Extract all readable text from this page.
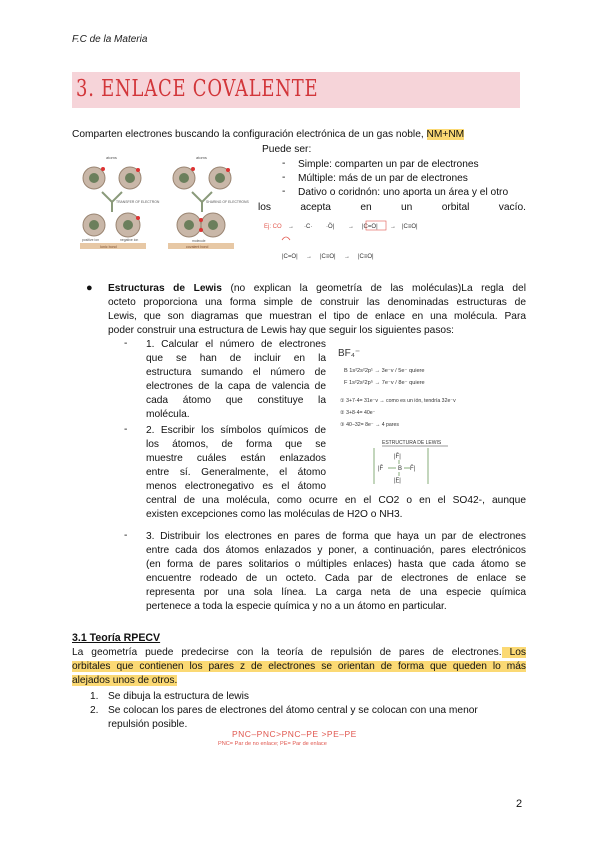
F.C de la Materia
3. ENLACE COVALENTE
Comparten electrones buscando la configuración electrónica de un gas noble, NM+NM
atoms
TRANSFER OF ELECTRON
positive ion	negative ion
Ionic bond
atoms
SHARING OF ELECTRONS
molecule
covalent bond
Puede ser:
- Simple: comparten un par de electrones
- Múltiple: más de un par de electrones
- Dativo o coridnón: uno aporta un área y el otro
los	acepta	en	un	orbital	vacío.
Ej: CO → ·C· ·Ö| → |C=O| → |C≡O|
|C=O| → |C≡O| → |C≡O|
● Estructuras de Lewis (no explican la geometría de las moléculas)La regla del
octeto proporciona una forma simple de construir las denominadas estructuras de
Lewis, que son diagramas que muestran el tipo de enlace en una molécula. Para
poder construir una estructura de Lewis hay que seguir los siguientes pasos:
- 1. Calcular el número de electrones
que se han de incluir en la
estructura sumando el número de
electrones de la capa de valencia de
cada átomo que constituye la
molécula.
- 2. Escribir los símbolos químicos de
los átomos, de forma que se
muestre cuáles están enlazados
entre sí. Generalmente, el átomo
menos electronegativo es el átomo
central de una molécula, como ocurre en el CO2 o en el SO42-, aunque
existen excepciones como las moléculas de H2O o NH3.
BF₄⁻
B 1s²2s²2p¹ → 3e⁻v / 5e⁻ quiere
F 1s²2s²2p⁵ → 7e⁻v / 8e⁻ quiere
① 3+7·4= 31e⁻v → como es un ión, tendría 32e⁻v
② 3+8·4= 40e⁻
③ 40−32= 8e⁻ → 4 pares
ESTRUCTURA DE LEWIS
|F̄|
|F̄ B F̄|
|F̲|
- 3. Distribuir los electrones en pares de forma que haya un par de electrones
entre cada dos átomos enlazados y poner, a continuación, pares electrónicos
(en forma de pares solitarios o múltiples enlaces) hasta que cada átomo se
encuentre rodeado de un octeto. Cada par de electrones de enlace se
representa por una sola línea. La carga neta de una especie química
pertenece a toda la especie química y no a un átomo en particular.
3.1 Teoría RPECV
La geometría puede predecirse con la teoría de repulsión de pares de electrones. Los
orbitales que contienen los pares z de electrones se orientan de forma que queden lo más
alejados unos de otros.
1. Se dibuja la estructura de lewis
2. Se colocan los pares de electrones del átomo central y se colocan con una menor
repulsión posible.
PNC–PNC>PNC–PE >PE–PE
PNC= Par de no enlace; PE= Par de enlace
2
